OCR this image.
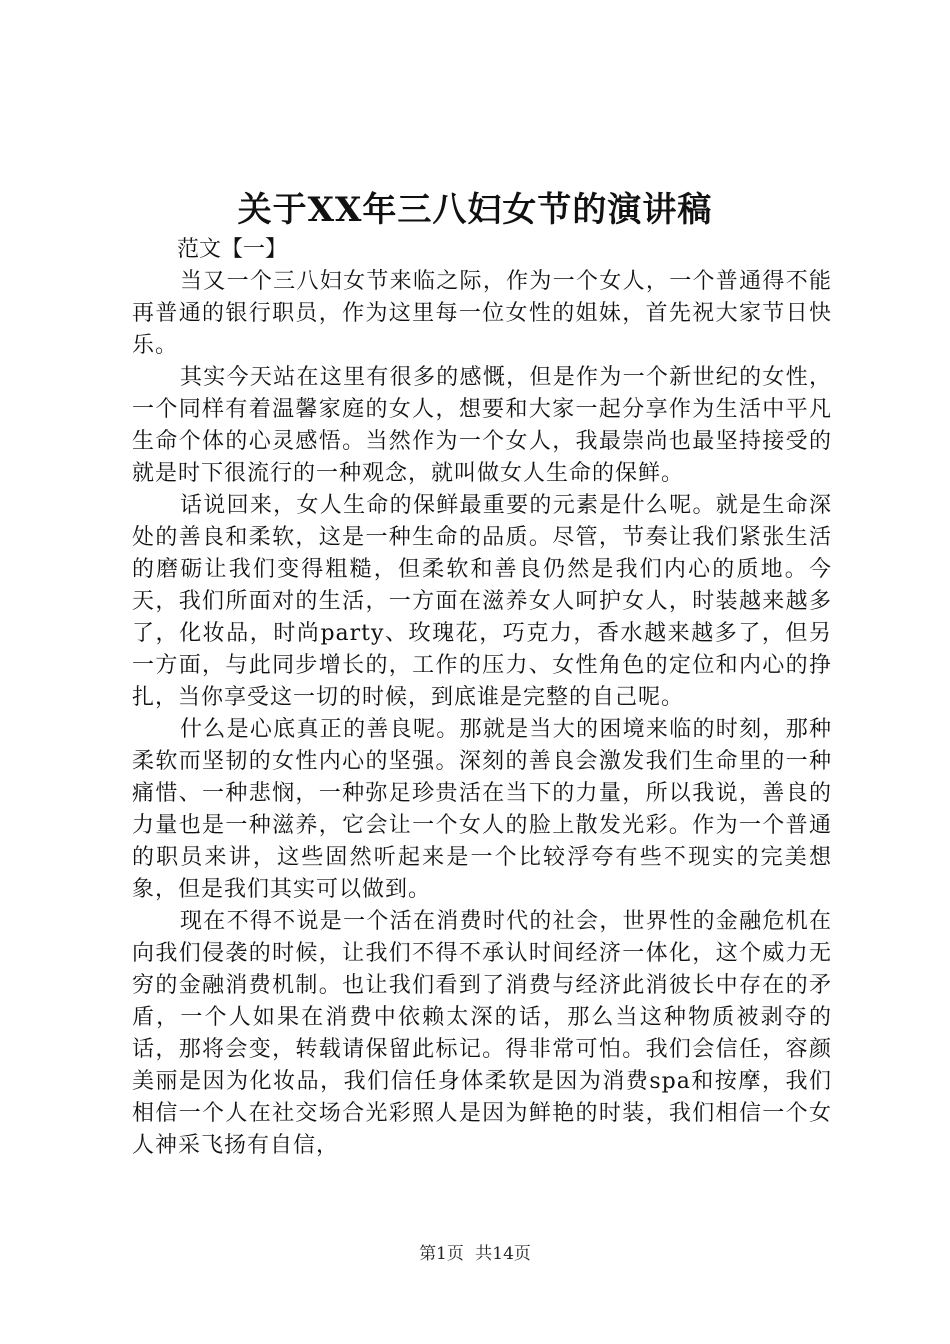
关于XX年三八妇女节的演讲稿

范文【一】

当又一个三八妇女节来临之际，作为一个女人，一个普通得不能再普通的银行职员，作为这里每一位女性的姐妹，首先祝大家节日快乐。

其实今天站在这里有很多的感慨，但是作为一个新世纪的女性，一个同样有着温馨家庭的女人，想要和大家一起分享作为生活中平凡生命个体的心灵感悟。当然作为一个女人，我最崇尚也最坚持接受的就是时下很流行的一种观念，就叫做女人生命的保鲜。

话说回来，女人生命的保鲜最重要的元素是什么呢。就是生命深处的善良和柔软，这是一种生命的品质。尽管，节奏让我们紧张生活的磨砺让我们变得粗糙，但柔软和善良仍然是我们内心的质地。今天，我们所面对的生活，一方面在滋养女人呵护女人，时装越来越多了，化妆品，时尚party、玫瑰花，巧克力，香水越来越多了，但另一方面，与此同步增长的，工作的压力、女性角色的定位和内心的挣扎，当你享受这一切的时候，到底谁是完整的自己呢。

什么是心底真正的善良呢。那就是当大的困境来临的时刻，那种柔软而坚韧的女性内心的坚强。深刻的善良会激发我们生命里的一种痛惜、一种悲悯，一种弥足珍贵活在当下的力量，所以我说，善良的力量也是一种滋养，它会让一个女人的脸上散发光彩。作为一个普通的职员来讲，这些固然听起来是一个比较浮夸有些不现实的完美想象，但是我们其实可以做到。

现在不得不说是一个活在消费时代的社会，世界性的金融危机在向我们侵袭的时候，让我们不得不承认时间经济一体化，这个威力无穷的金融消费机制。也让我们看到了消费与经济此消彼长中存在的矛盾，一个人如果在消费中依赖太深的话，那么当这种物质被剥夺的话，那将会变，转载请保留此标记。得非常可怕。我们会信任，容颜美丽是因为化妆品，我们信任身体柔软是因为消费spa和按摩，我们相信一个人在社交场合光彩照人是因为鲜艳的时装，我们相信一个女人神采飞扬有自信，

第1页 共14页
